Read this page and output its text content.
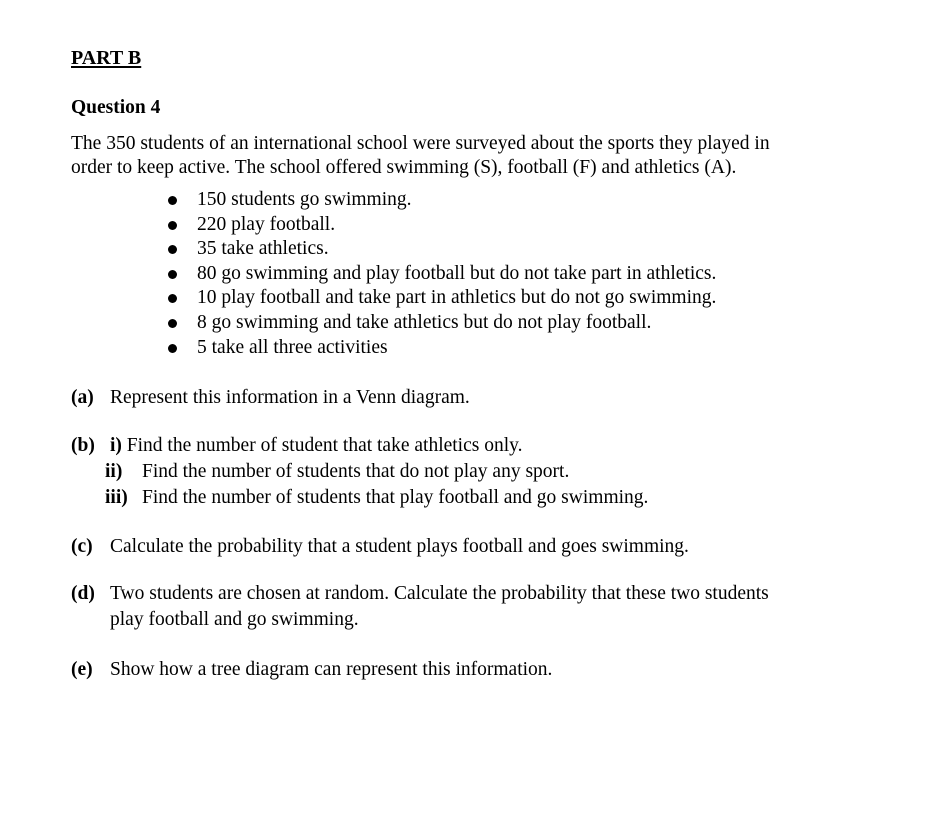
PART B
Question 4

The 350 students of an international school were surveyed about the sports they played in
order to keep active. The school offered swimming (S), football (F) and athletics (A).

150 students go swimming.
220 play football.
35 take athletics.
80 go swimming and play football but do not take part in athletics.
10 play football and take part in athletics but do not go swimming.
8 go swimming and take athletics but do not play football.
5 take all three activities
(a) Represent this information in a Venn diagram.
(b) i) Find the number of student that take athletics only.
ii) Find the number of students that do not play any sport.
iii) Find the number of students that play football and go swimming.
(c) Calculate the probability that a student plays football and goes swimming.
(d) Two students are chosen at random. Calculate the probability that these two students
play football and go swimming.
(e) Show how a tree diagram can represent this information.
